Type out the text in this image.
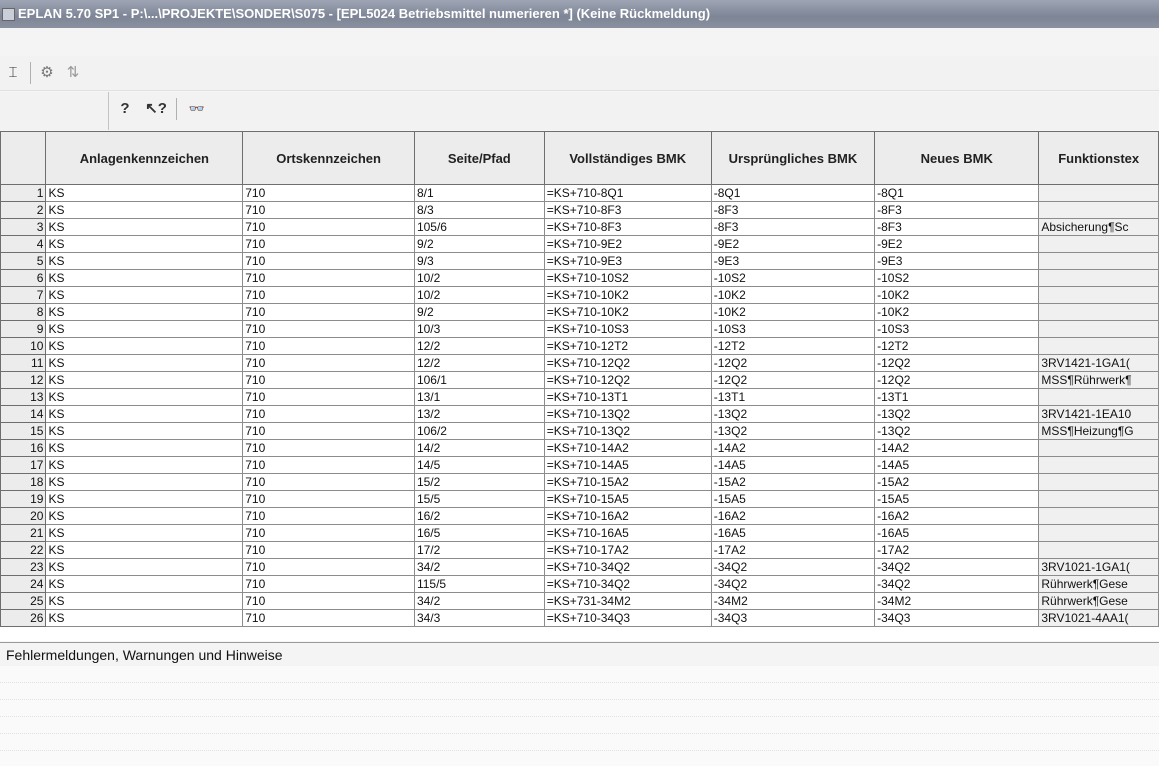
EPLAN 5.70 SP1 - P:\...\PROJEKTE\SONDER\S075 - [EPL5024 Betriebsmittel numerieren *] (Keine Rückmeldung)
⌶	⚙ ⇅
?	↖? 👓
	Anlagenkennzeichen	Ortskennzeichen	Seite/Pfad	Vollständiges BMK	Ursprüngliches BMK	Neues BMK	Funktionstex
1	KS	710	8/1	=KS+710-8Q1	-8Q1	-8Q1	
2	KS	710	8/3	=KS+710-8F3	-8F3	-8F3	
3	KS	710	105/6	=KS+710-8F3	-8F3	-8F3	Absicherung¶Sc
4	KS	710	9/2	=KS+710-9E2	-9E2	-9E2	
5	KS	710	9/3	=KS+710-9E3	-9E3	-9E3	
6	KS	710	10/2	=KS+710-10S2	-10S2	-10S2	
7	KS	710	10/2	=KS+710-10K2	-10K2	-10K2	
8	KS	710	9/2	=KS+710-10K2	-10K2	-10K2	
9	KS	710	10/3	=KS+710-10S3	-10S3	-10S3	
10	KS	710	12/2	=KS+710-12T2	-12T2	-12T2	
11	KS	710	12/2	=KS+710-12Q2	-12Q2	-12Q2	3RV1421-1GA1(
12	KS	710	106/1	=KS+710-12Q2	-12Q2	-12Q2	MSS¶Rührwerk¶
13	KS	710	13/1	=KS+710-13T1	-13T1	-13T1	
14	KS	710	13/2	=KS+710-13Q2	-13Q2	-13Q2	3RV1421-1EA10
15	KS	710	106/2	=KS+710-13Q2	-13Q2	-13Q2	MSS¶Heizung¶G
16	KS	710	14/2	=KS+710-14A2	-14A2	-14A2	
17	KS	710	14/5	=KS+710-14A5	-14A5	-14A5	
18	KS	710	15/2	=KS+710-15A2	-15A2	-15A2	
19	KS	710	15/5	=KS+710-15A5	-15A5	-15A5	
20	KS	710	16/2	=KS+710-16A2	-16A2	-16A2	
21	KS	710	16/5	=KS+710-16A5	-16A5	-16A5	
22	KS	710	17/2	=KS+710-17A2	-17A2	-17A2	
23	KS	710	34/2	=KS+710-34Q2	-34Q2	-34Q2	3RV1021-1GA1(
24	KS	710	115/5	=KS+710-34Q2	-34Q2	-34Q2	Rührwerk¶Gese
25	KS	710	34/2	=KS+731-34M2	-34M2	-34M2	Rührwerk¶Gese
26	KS	710	34/3	=KS+710-34Q3	-34Q3	-34Q3	3RV1021-4AA1(
Fehlermeldungen, Warnungen und Hinweise
